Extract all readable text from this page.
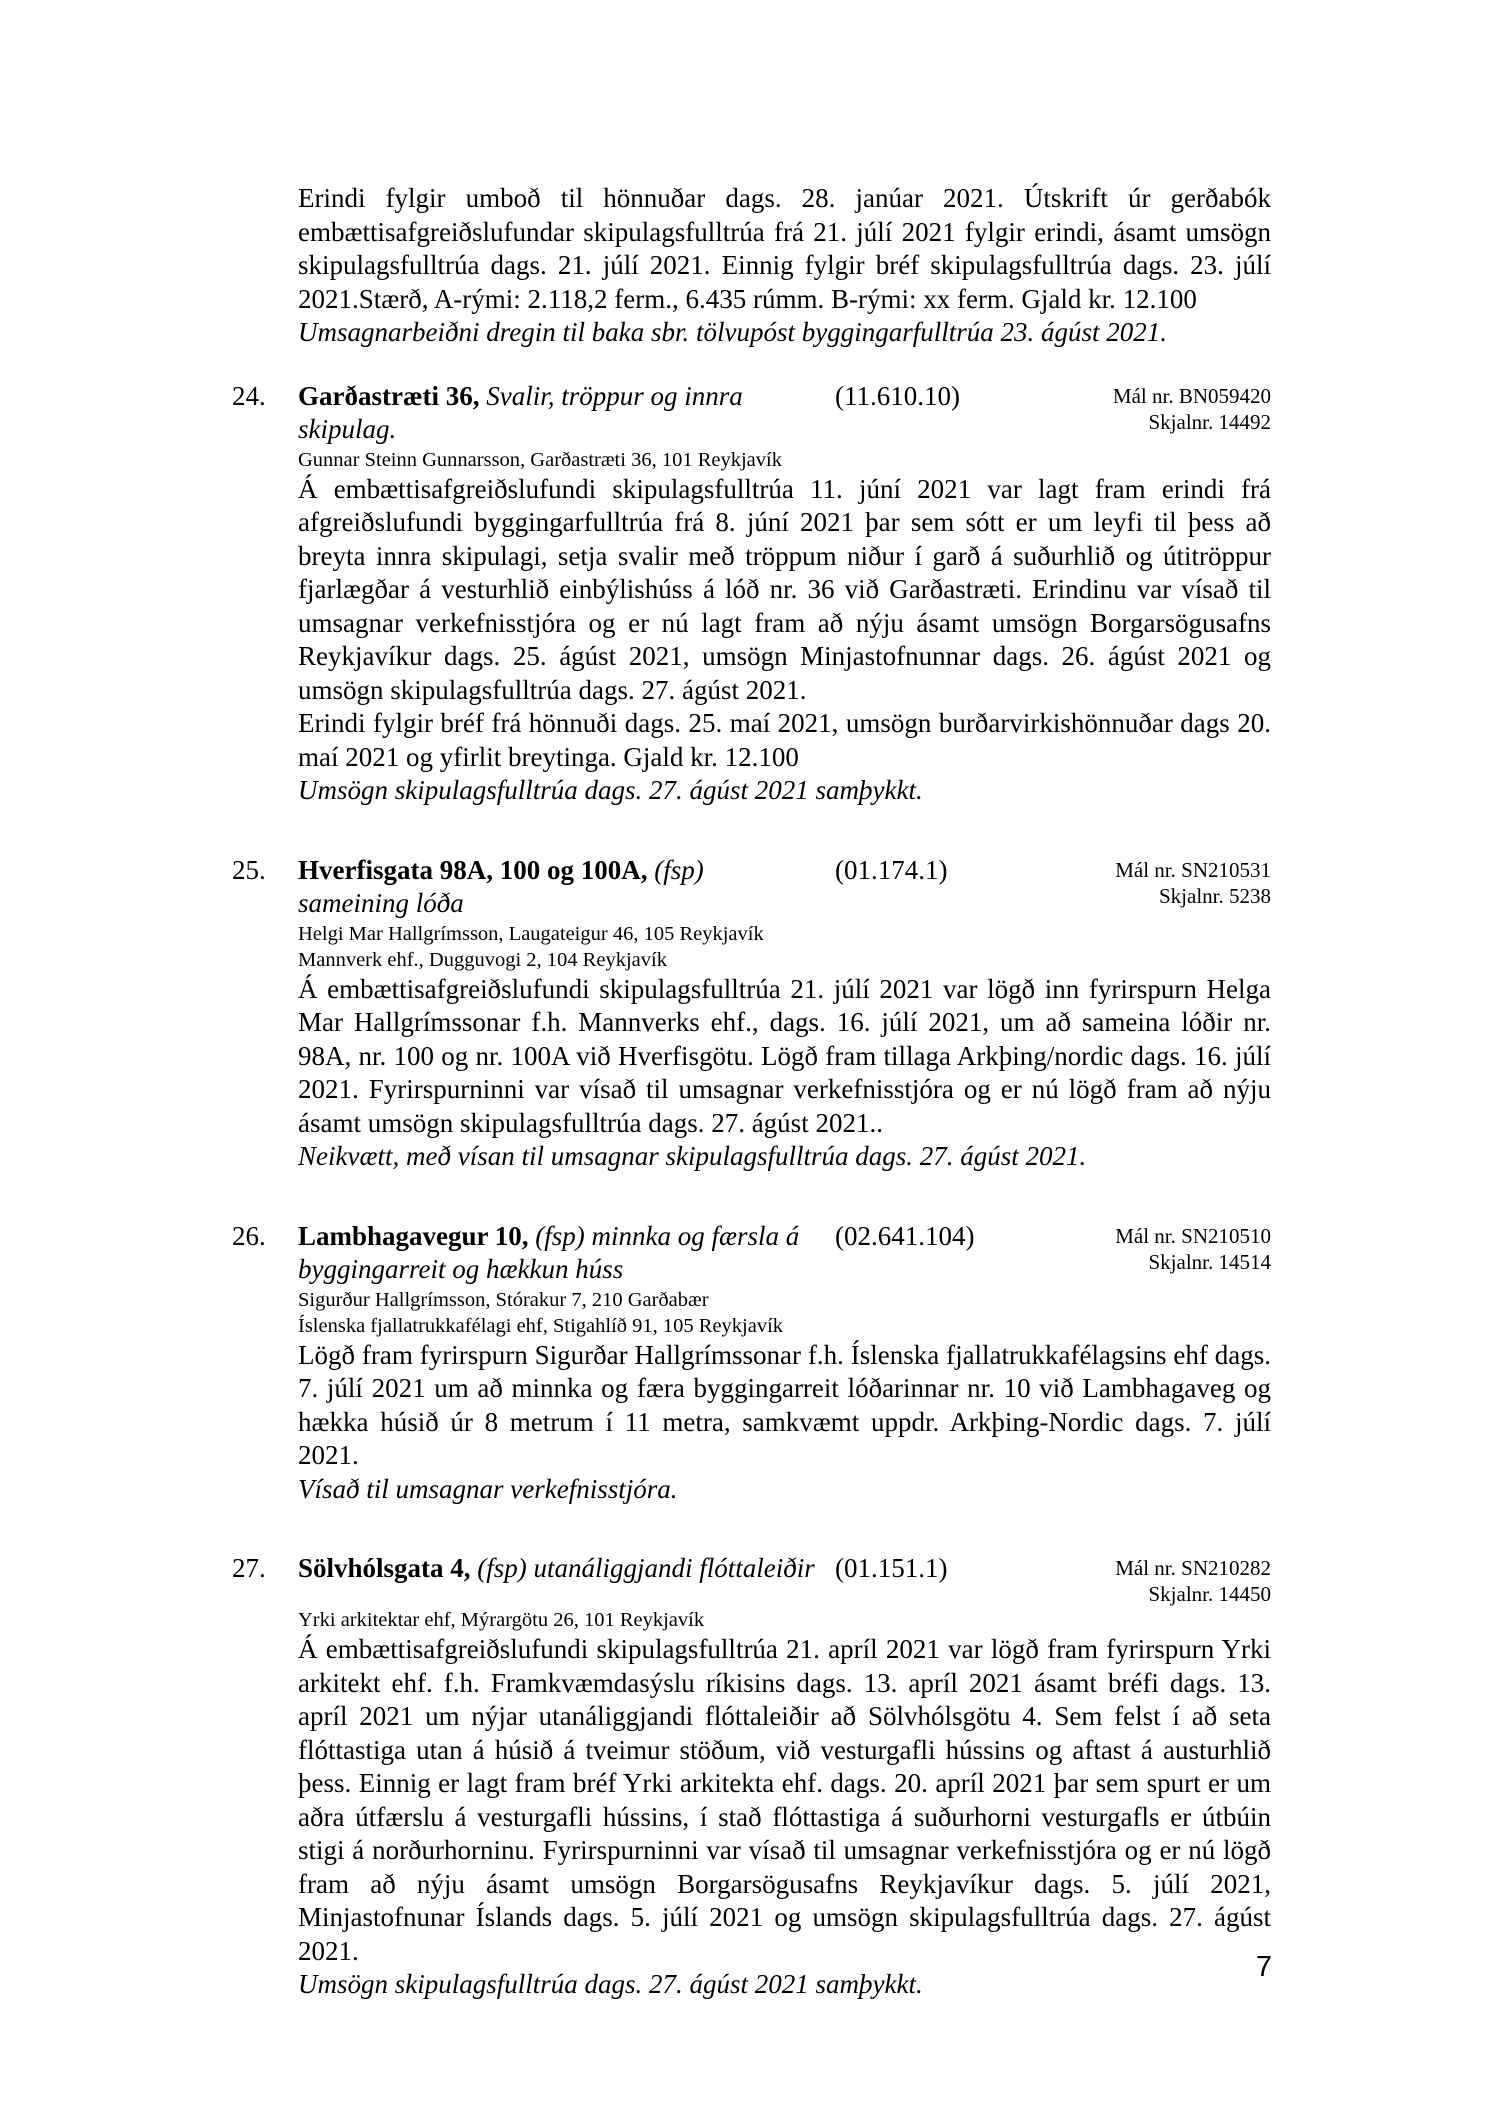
Erindi fylgir umboð til hönnuðar dags. 28. janúar 2021. Útskrift úr gerðabók embættisafgreiðslufundar skipulagsfulltrúa frá 21. júlí 2021 fylgir erindi, ásamt umsögn skipulagsfulltrúa dags. 21. júlí 2021. Einnig fylgir bréf skipulagsfulltrúa dags. 23. júlí 2021.Stærð, A-rými: 2.118,2 ferm., 6.435 rúmm. B-rými: xx ferm. Gjald kr. 12.100

Umsagnarbeiðni dregin til baka sbr. tölvupóst byggingarfulltrúa 23. ágúst 2021.

24.	Garðastræti 36, Svalir, tröppur og innra skipulag.
(11.610.10)	Mál nr. BN059420
Skjalnr. 14492
Gunnar Steinn Gunnarsson, Garðastræti 36, 101 Reykjavík

Á embættisafgreiðslufundi skipulagsfulltrúa 11. júní 2021 var lagt fram erindi frá afgreiðslufundi byggingarfulltrúa frá 8. júní 2021 þar sem sótt er um leyfi til þess að breyta innra skipulagi, setja svalir með tröppum niður í garð á suðurhlið og útitröppur fjarlægðar á vesturhlið einbýlishúss á lóð nr. 36 við Garðastræti. Erindinu var vísað til umsagnar verkefnisstjóra og er nú lagt fram að nýju ásamt umsögn Borgarsögusafns Reykjavíkur dags. 25. ágúst 2021, umsögn Minjastofnunnar dags. 26. ágúst 2021 og umsögn skipulagsfulltrúa dags. 27. ágúst 2021.

Erindi fylgir bréf frá hönnuði dags. 25. maí 2021, umsögn burðarvirkishönnuðar dags 20. maí 2021 og yfirlit breytinga. Gjald kr. 12.100

Umsögn skipulagsfulltrúa dags. 27. ágúst 2021 samþykkt.

25.	Hverfisgata 98A, 100 og 100A, (fsp) sameining lóða
(01.174.1)	Mál nr. SN210531
Skjalnr. 5238
Helgi Mar Hallgrímsson, Laugateigur 46, 105 Reykjavík
Mannverk ehf., Dugguvogi 2, 104 Reykjavík

Á embættisafgreiðslufundi skipulagsfulltrúa 21. júlí 2021 var lögð inn fyrirspurn Helga Mar Hallgrímssonar f.h. Mannverks ehf., dags. 16. júlí 2021, um að sameina lóðir nr. 98A, nr. 100 og nr. 100A við Hverfisgötu. Lögð fram tillaga Arkþing/nordic dags. 16. júlí 2021. Fyrirspurninni var vísað til umsagnar verkefnisstjóra og er nú lögð fram að nýju ásamt umsögn skipulagsfulltrúa dags. 27. ágúst 2021..

Neikvætt, með vísan til umsagnar skipulagsfulltrúa dags. 27. ágúst 2021.

26.	Lambhagavegur 10, (fsp) minnka og færsla á byggingarreit og hækkun húss
(02.641.104)	Mál nr. SN210510
Skjalnr. 14514
Sigurður Hallgrímsson, Stórakur 7, 210 Garðabær
Íslenska fjallatrukkafélagi ehf, Stigahlíð 91, 105 Reykjavík

Lögð fram fyrirspurn Sigurðar Hallgrímssonar f.h. Íslenska fjallatrukkafélagsins ehf dags. 7. júlí 2021 um að minnka og færa byggingarreit lóðarinnar nr. 10 við Lambhagaveg og hækka húsið úr 8 metrum í 11 metra, samkvæmt uppdr. Arkþing-Nordic dags. 7. júlí 2021.

Vísað til umsagnar verkefnisstjóra.

27.	Sölvhólsgata 4, (fsp) utanáliggjandi flóttaleiðir (01.151.1)	Mál nr. SN210282
Skjalnr. 14450
Yrki arkitektar ehf, Mýrargötu 26, 101 Reykjavík

Á embættisafgreiðslufundi skipulagsfulltrúa 21. apríl 2021 var lögð fram fyrirspurn Yrki arkitekt ehf. f.h. Framkvæmdasýslu ríkisins dags. 13. apríl 2021 ásamt bréfi dags. 13. apríl 2021 um nýjar utanáliggjandi flóttaleiðir að Sölvhólsgötu 4. Sem felst í að seta flóttastiga utan á húsið á tveimur stöðum, við vesturgafli hússins og aftast á austurhlið þess. Einnig er lagt fram bréf Yrki arkitekta ehf. dags. 20. apríl 2021 þar sem spurt er um aðra útfærslu á vesturgafli hússins, í stað flóttastiga á suðurhorni vesturgafls er útbúin stigi á norðurhorninu. Fyrirspurninni var vísað til umsagnar verkefnisstjóra og er nú lögð fram að nýju ásamt umsögn Borgarsögusafns Reykjavíkur dags. 5. júlí 2021, Minjastofnunar Íslands dags. 5. júlí 2021 og umsögn skipulagsfulltrúa dags. 27. ágúst 2021.

Umsögn skipulagsfulltrúa dags. 27. ágúst 2021 samþykkt.

7
